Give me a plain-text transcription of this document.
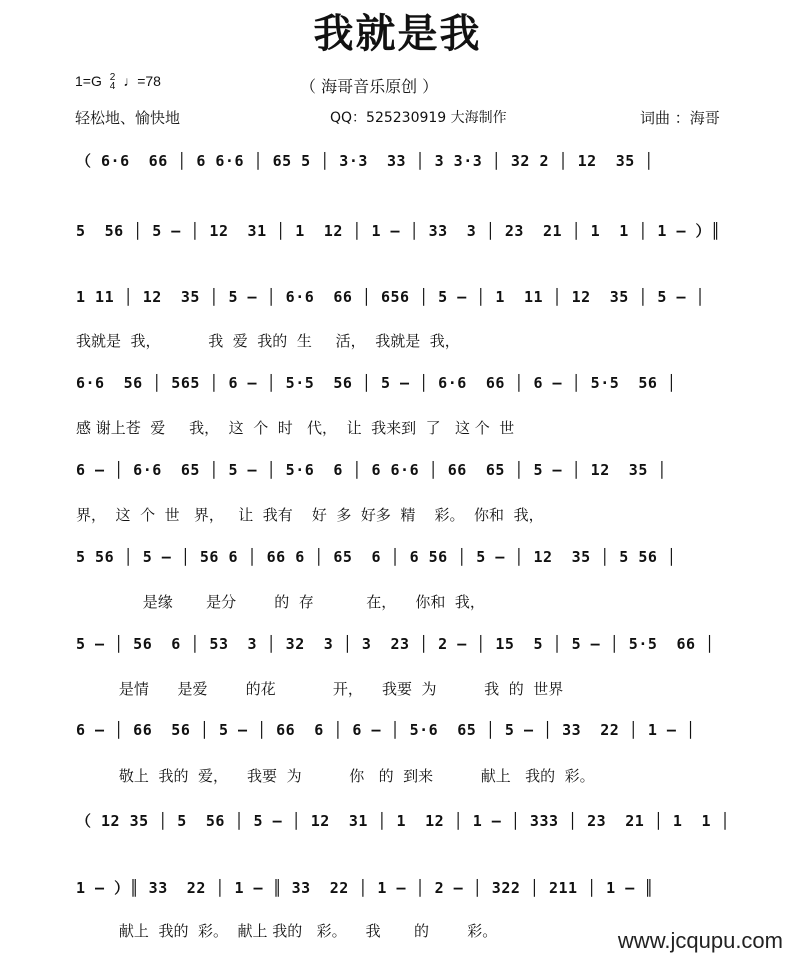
我就是我
1=G 2
4 ♩=78	（ 海哥音乐原创 ）
轻松地、愉快地	QQ：525230919 大海制作	词曲 ：海哥
（ 6·6  66 │ 6 6·6 │ 65 5 │ 3·3  33 │ 3 3·3 │ 32 2 │ 12  35 │
5  56 │ 5 — │ 12  31 │ 1  12 │ 1 — │ 33  3 │ 23  21 │ 1  1 │ 1 — ）║
1 11 │ 12  35 │ 5 — │ 6·6  66 │ 656 │ 5 — │ 1  11 │ 12  35 │ 5 — │
我就是  我，          我  爱  我的  生     活，  我就是  我，
6·6  56 │ 565 │ 6 — │ 5·5  56 │ 5 — │ 6·6  66 │ 6 — │ 5·5  56 │
感 谢上苍  爱     我，  这  个  时   代，  让  我来到  了   这 个  世
6 — │ 6·6  65 │ 5 — │ 5·6  6 │ 6 6·6 │ 66  65 │ 5 — │ 12  35 │
界，  这  个  世   界，   让  我有    好  多  好多  精    彩。  你和  我，
5 56 │ 5 — │ 56 6 │ 66 6 │ 65  6 │ 6 56 │ 5 — │ 12  35 │ 5 56 │
是缘       是分        的  存           在，    你和  我，
5 — │ 56  6 │ 53  3 │ 32  3 │ 3  23 │ 2 — │ 15  5 │ 5 — │ 5·5  66 │
是情      是爱        的花            开，    我要  为          我  的  世界
6 — │ 66  56 │ 5 — │ 66  6 │ 6 — │ 5·6  65 │ 5 — │ 33  22 │ 1 — │
敬上  我的  爱，    我要  为          你   的  到来          献上   我的  彩。
（ 12 35 │ 5  56 │ 5 — │ 12  31 │ 1  12 │ 1 — │ 333 │ 23  21 │ 1  1 │
1 — ）║ 33  22 │ 1 — ║ 33  22 │ 1 — │ 2 — │ 322 │ 211 │ 1 — ║
献上  我的  彩。  献上 我的   彩。    我       的        彩。	www.jcqupu.com
